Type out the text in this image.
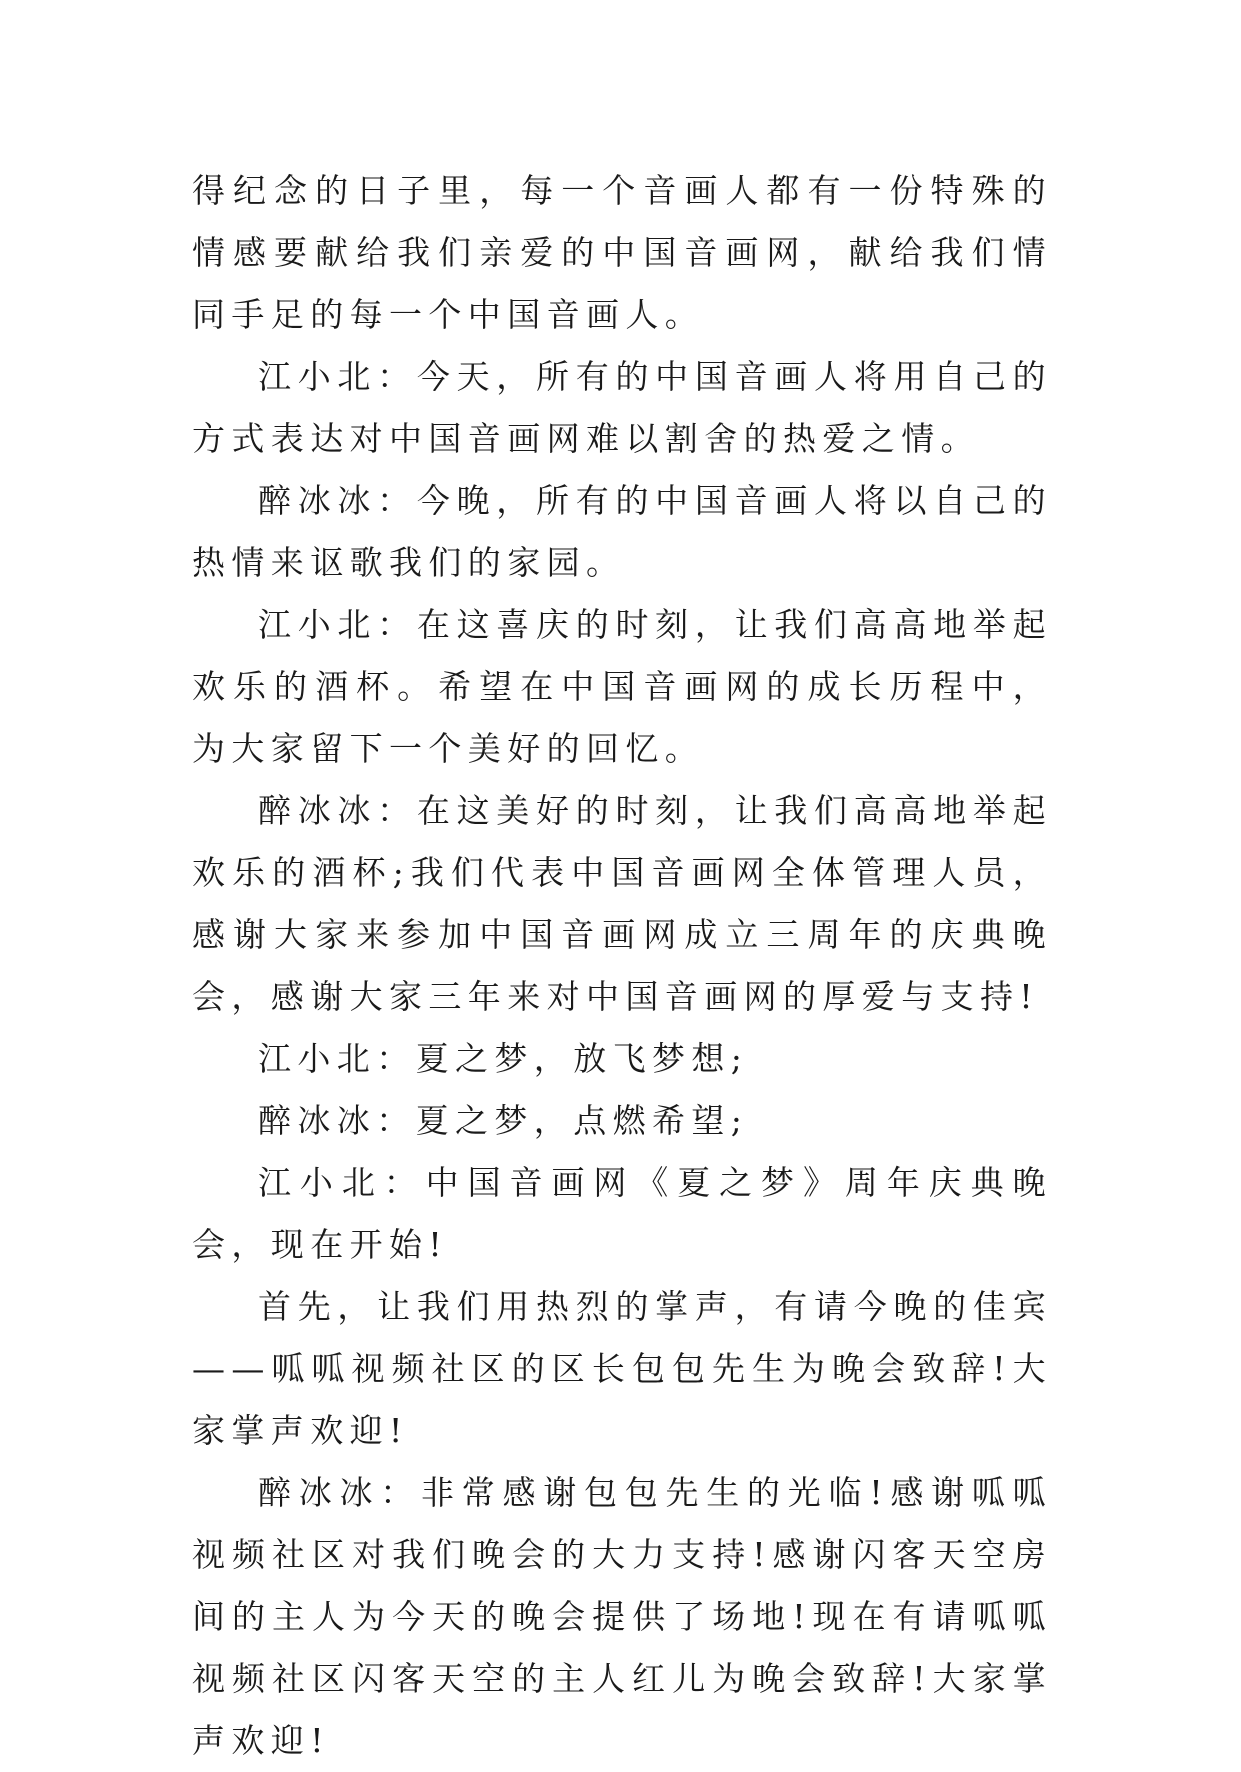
得纪念的日子里，每一个音画人都有一份特殊的情感要献给我们亲爱的中国音画网，献给我们情同手足的每一个中国音画人。

江小北：今天，所有的中国音画人将用自己的方式表达对中国音画网难以割舍的热爱之情。

醉冰冰：今晚，所有的中国音画人将以自己的热情来讴歌我们的家园。

江小北：在这喜庆的时刻，让我们高高地举起欢乐的酒杯。希望在中国音画网的成长历程中，为大家留下一个美好的回忆。

醉冰冰：在这美好的时刻，让我们高高地举起欢乐的酒杯;我们代表中国音画网全体管理人员，感谢大家来参加中国音画网成立三周年的庆典晚会，感谢大家三年来对中国音画网的厚爱与支持!

江小北：夏之梦，放飞梦想;

醉冰冰：夏之梦，点燃希望;

江小北：中国音画网《夏之梦》周年庆典晚会，现在开始!

首先，让我们用热烈的掌声，有请今晚的佳宾——呱呱视频社区的区长包包先生为晚会致辞!大家掌声欢迎!

醉冰冰：非常感谢包包先生的光临!感谢呱呱视频社区对我们晚会的大力支持!感谢闪客天空房间的主人为今天的晚会提供了场地!现在有请呱呱视频社区闪客天空的主人红儿为晚会致辞!大家掌声欢迎!
